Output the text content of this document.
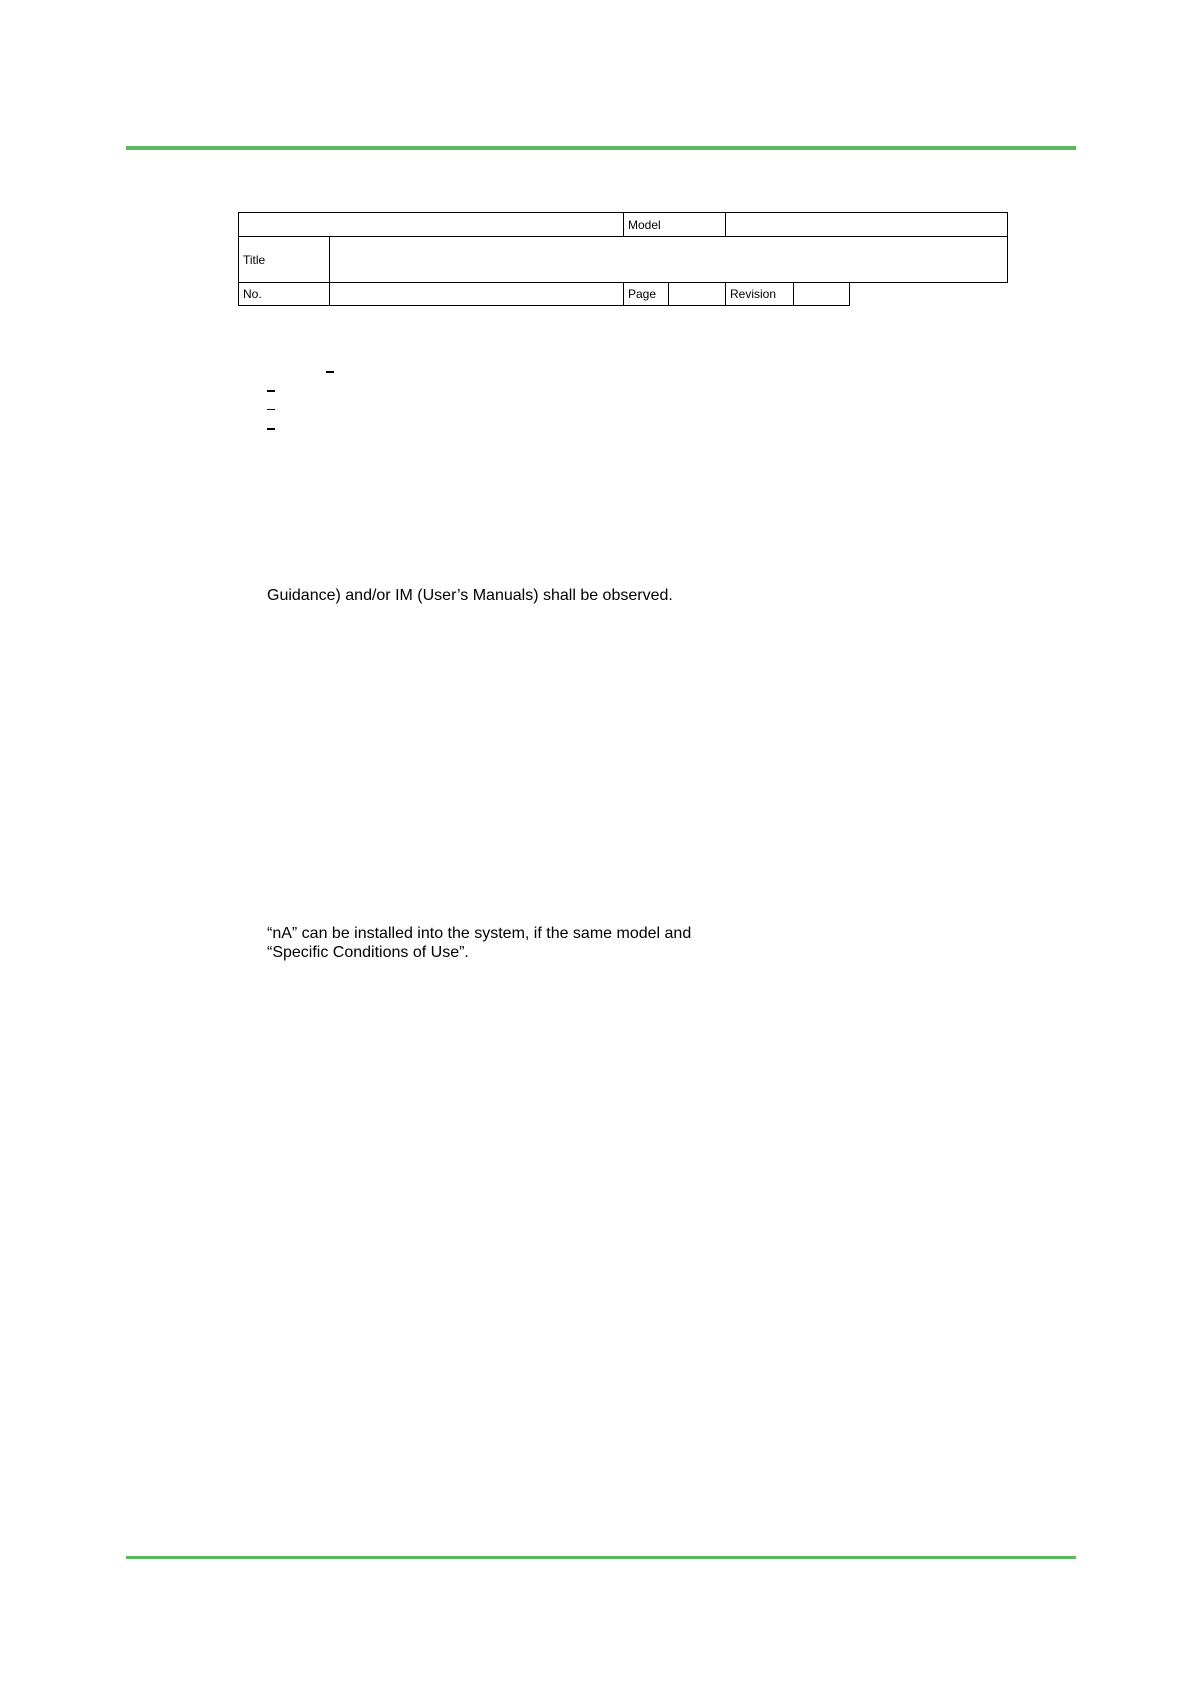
Model
Title
No.	Page	Revision
Guidance) and/or IM (User’s Manuals) shall be observed.
“nA” can be installed into the system, if the same model and
“Specific Conditions of Use”.
